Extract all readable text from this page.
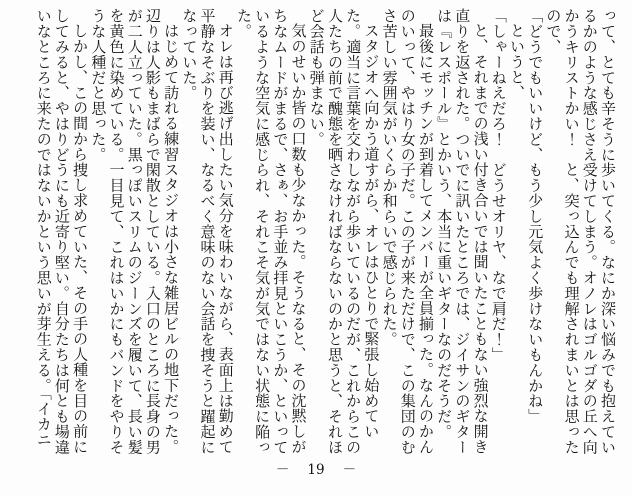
って、とても辛そうに歩いてくる。なにか深い悩みでも抱えているかのような感じさえ受けてしまう。オノレはゴルゴダの丘へ向かうキリストかい！　と、突っ込んでも理解されまいとは思ったので、

「どうでもいいけど、もう少し元気よく歩けないもんかね」

というと、

「しゃーねえだろ！　どうせオリヤ、なで肩だ！」

と、それまでの浅い付き合いでは聞いたこともない強烈な開き直りを返された。ついでに訊いたところでは、ジイサンのギターは『レスポール』とかいう、本当に重いギターなのだそうだ。

最後にモッチンが到着してメンバーが全員揃った。なんのかんのいって、やはり女の子だ。この子が来ただけで、この集団のむさ苦しい雰囲気がいくらか和らいで感じられた。

スタジオへ向かう道すがら、オレはひとりで緊張し始めていた。適当に言葉を交わしながら歩いているのだが、これからこの人たちの前で醜態を晒さなければならないのかと思うと、それほど会話も弾まない。

気のせいか皆の口数も少なかった。そうなると、その沈黙しがちなムードがまるで、さぁ、お手並み拝見といこうか、といっているような空気に感じられ、それこそ気が気ではない状態に陥った。

オレは再び逃げ出したい気分を味わいながら、表面上は勤めて平静なそぶりを装い、なるべく意味のない会話を捜そうと躍起になっていた。

はじめて訪れる練習スタジオは小さな雑居ビルの地下だった。辺りは人影もまばらで閑散としている。入口のところに長身の男が二人立っていた。黒っぽいスリムのジーンズを履いて、長い髪を黄色に染めている。一目見て、これはいかにもバンドをやりそうな人種だと思った。

しかし、この間から捜し求めていた、その手の人種を目の前にしてみると、やはりどうにも近寄り堅い。自分たちは何とも場違いなところに来たのではないかという思いが芽生える。「イカニ

－ 19 －
